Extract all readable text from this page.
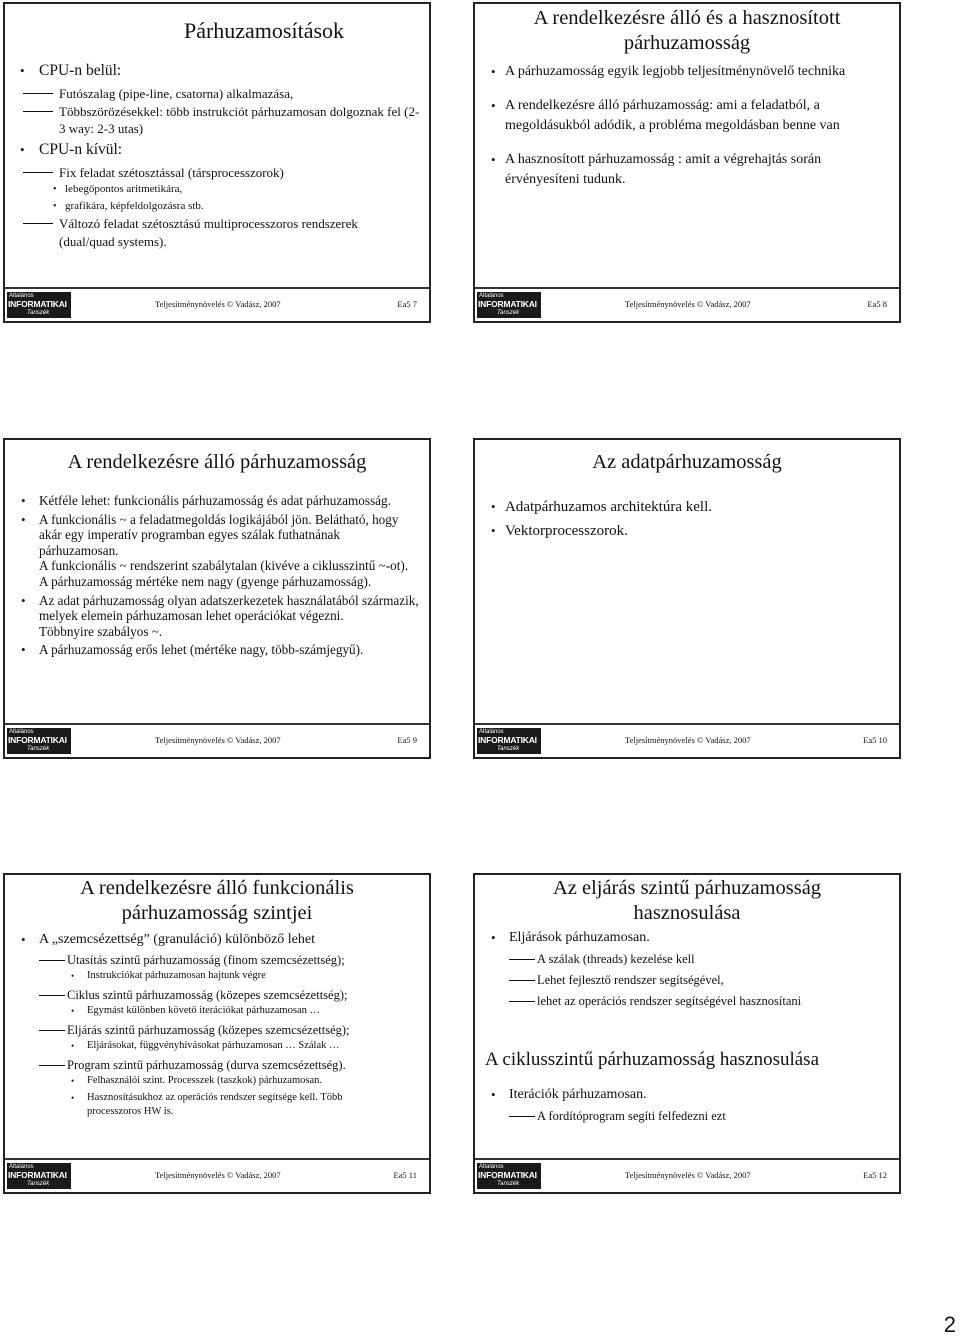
Párhuzamosítások
• CPU-n belül:
Futószalag (pipe-line, csatorna) alkalmazása,
Többszörözésekkel: több instrukciót párhuzamosan dolgoznak fel (2-3 way: 2-3 utas)
• CPU-n kívül:
Fix feladat szétosztással (társprocesszorok)
• lebegőpontos aritmetikára,
• grafikára, képfeldolgozásra stb.
Változó feladat szétosztású multiprocesszoros rendszerek (dual/quad systems).
Általános
INFORMATIKAI
Tanszék
Teljesítménynövelés © Vadász, 2007	Ea5 7
A rendelkezésre álló és a hasznosított
párhuzamosság
• A párhuzamosság egyik legjobb teljesítménynövelő technika
• A rendelkezésre álló párhuzamosság: ami a feladatból, a megoldásukból adódik, a probléma megoldásban benne van
• A hasznosított párhuzamosság : amit a végrehajtás során érvényesíteni tudunk.
Általános
INFORMATIKAI
Tanszék
Teljesítménynövelés © Vadász, 2007	Ea5 8
A rendelkezésre álló párhuzamosság
•	Kétféle lehet: funkcionális párhuzamosság és adat párhuzamosság.
•	A funkcionális ~ a feladatmegoldás logikájából jön. Belátható, hogy akár egy imperatív programban egyes szálak futhatnának párhuzamosan.
A funkcionális ~ rendszerint szabálytalan (kivéve a ciklusszintű ~-ot).
A párhuzamosság mértéke nem nagy (gyenge párhuzamosság).
•	Az adat párhuzamosság olyan adatszerkezetek használatából származik, melyek elemein párhuzamosan lehet operációkat végezni.
Többnyire szabályos ~.
•	A párhuzamosság erős lehet (mértéke nagy, több-számjegyű).
Általános
INFORMATIKAI
Tanszék
Teljesítménynövelés © Vadász, 2007	Ea5 9
Az adatpárhuzamosság
• Adatpárhuzamos architektúra kell.
• Vektorprocesszorok.
Általános
INFORMATIKAI
Tanszék
Teljesítménynövelés © Vadász, 2007	Ea5 10
A rendelkezésre álló funkcionális
párhuzamosság szintjei
• A „szemcsézettség” (granuláció) különböző lehet
Utasítás szintű párhuzamosság (finom szemcsézettség);
•	Instrukciókat párhuzamosan hajtunk végre
Ciklus szintű párhuzamosság (közepes szemcsézettség);
•	Egymást különben követő iterációkat párhuzamosan …
Eljárás szintű párhuzamosság (közepes szemcsézettség);
•	Eljárásokat, függvényhívásokat párhuzamosan … Szálak …
Program szintű párhuzamosság (durva szemcsézettség).
•	Felhasználói szint. Processzek (taszkok) párhuzamosan.
•	Hasznosításukhoz az operációs rendszer segítsége kell. Több processzoros HW is.
Általános
INFORMATIKAI
Tanszék
Teljesítménynövelés © Vadász, 2007	Ea5 11
Az eljárás szintű párhuzamosság
hasznosulása
• Eljárások párhuzamosan.
A szálak (threads) kezelése kell
Lehet fejlesztő rendszer segítségével,
lehet az operációs rendszer segítségével hasznosítani
A ciklusszintű párhuzamosság hasznosulása
• Iterációk párhuzamosan.
A fordítóprogram segíti felfedezni ezt
Általános
INFORMATIKAI
Tanszék
Teljesítménynövelés © Vadász, 2007	Ea5 12
2
